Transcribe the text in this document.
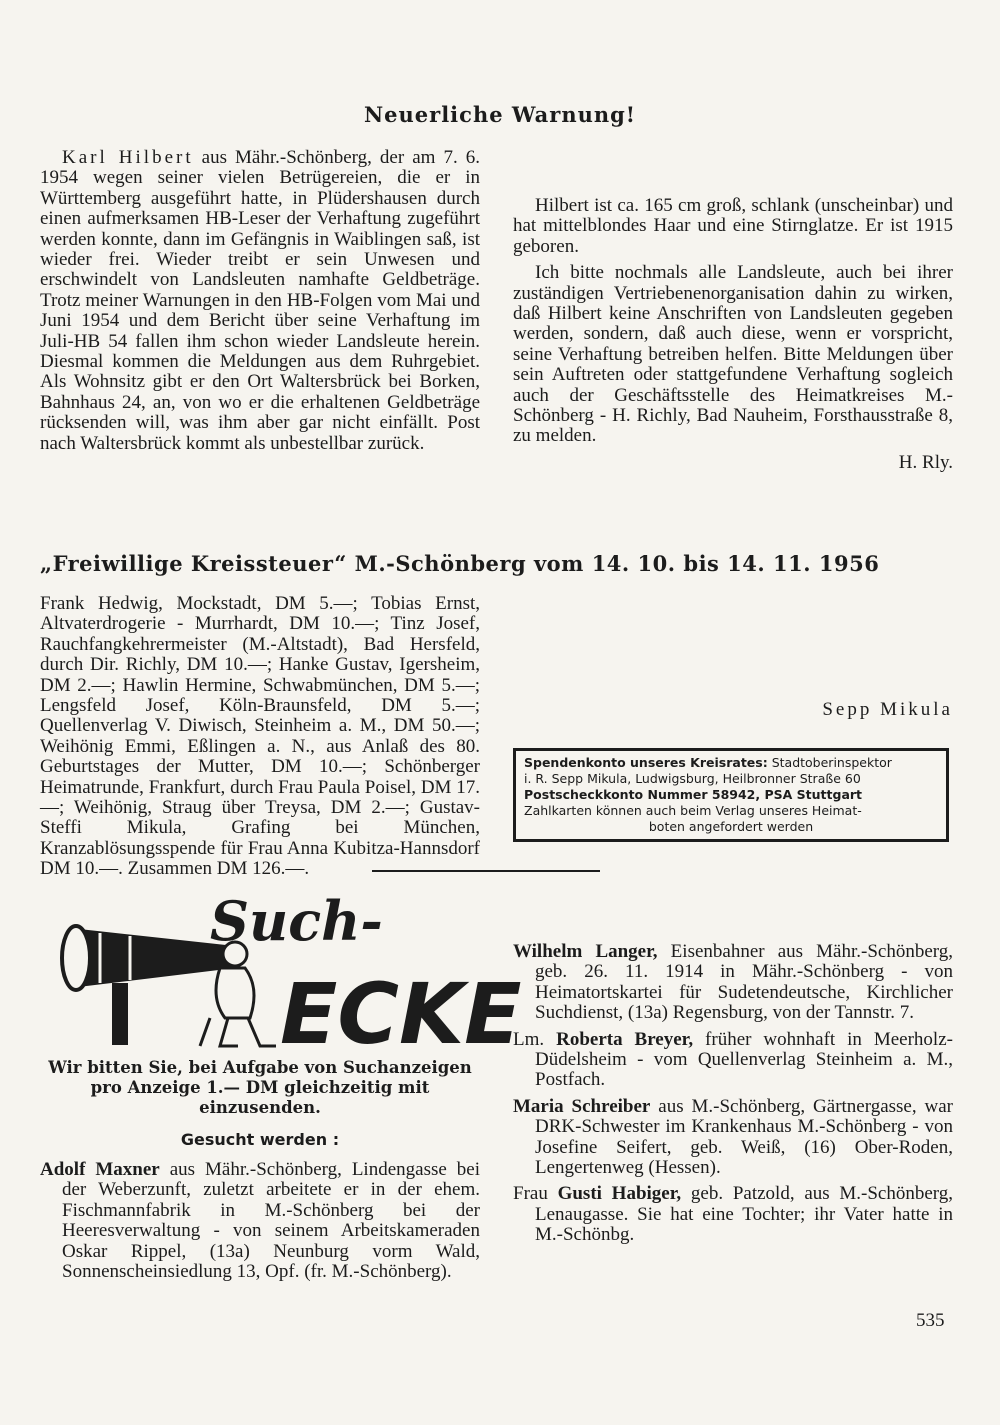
Neuerliche Warnung!

Karl Hilbert aus Mähr.-Schönberg, der am 7. 6. 1954 wegen seiner vielen Betrügereien, die er in Württemberg ausgeführt hatte, in Plüdershausen durch einen aufmerksamen HB-Leser der Verhaftung zugeführt werden konnte, dann im Gefängnis in Waiblingen saß, ist wieder frei. Wieder treibt er sein Unwesen und erschwindelt von Landsleuten namhafte Geldbeträge. Trotz meiner Warnungen in den HB-Folgen vom Mai und Juni 1954 und dem Bericht über seine Verhaftung im Juli-HB 54 fallen ihm schon wieder Landsleute herein. Diesmal kommen die Meldungen aus dem Ruhrgebiet. Als Wohnsitz gibt er den Ort Waltersbrück bei Borken, Bahnhaus 24, an, von wo er die erhaltenen Geldbeträge rücksenden will, was ihm aber gar nicht einfällt. Post nach Waltersbrück kommt als unbestellbar zurück.

Hilbert ist ca. 165 cm groß, schlank (unscheinbar) und hat mittelblondes Haar und eine Stirnglatze. Er ist 1915 geboren.

Ich bitte nochmals alle Landsleute, auch bei ihrer zuständigen Vertriebenenorganisation dahin zu wirken, daß Hilbert keine Anschriften von Landsleuten gegeben werden, sondern, daß auch diese, wenn er vorspricht, seine Verhaftung betreiben helfen. Bitte Meldungen über sein Auftreten oder stattgefundene Verhaftung sogleich auch der Geschäftsstelle des Heimatkreises M.-Schönberg - H. Richly, Bad Nauheim, Forsthausstraße 8, zu melden.

H. Rly.

„Freiwillige Kreissteuer“ M.-Schönberg vom 14. 10. bis 14. 11. 1956

Frank Hedwig, Mockstadt, DM 5.—; Tobias Ernst, Altvaterdrogerie - Murrhardt, DM 10.—; Tinz Josef, Rauchfangkehrermeister (M.-Altstadt), Bad Hersfeld, durch Dir. Richly, DM 10.—; Hanke Gustav, Igersheim, DM 2.—; Hawlin Hermine, Schwabmünchen, DM 5.—; Lengsfeld Josef, Köln-Braunsfeld, DM 5.—; Quellenverlag V. Diwisch, Steinheim a. M., DM 50.—; Weihönig Emmi, Eßlingen a. N., aus Anlaß des 80. Geburtstages der Mutter, DM 10.—; Schönberger Heimatrunde, Frankfurt, durch Frau Paula Poisel, DM 17.—; Weihönig, Straug über Treysa, DM 2.—; Gustav-Steffi Mikula, Grafing bei München, Kranzablösungsspende für Frau Anna Kubitza-Hannsdorf DM 10.—. Zusammen DM 126.—.

Sepp Mikula

Spendenkonto unseres Kreisrates: Stadtoberinspektor
i. R. Sepp Mikula, Ludwigsburg, Heilbronner Straße 60
Postscheckkonto Nummer 58942, PSA Stuttgart
Zahlkarten können auch beim Verlag unseres Heimat-
boten angefordert werden
Such-
ECKE
Wir bitten Sie, bei Aufgabe von Suchanzeigen pro Anzeige 1.— DM gleichzeitig mit einzusenden.
Gesucht werden :

Adolf Maxner aus Mähr.-Schönberg, Lindengasse bei der Weberzunft, zuletzt arbeitete er in der ehem. Fischmannfabrik in M.-Schönberg bei der Heeresverwaltung - von seinem Arbeitskameraden Oskar Rippel, (13a) Neunburg vorm Wald, Sonnenscheinsiedlung 13, Opf. (fr. M.-Schönberg).

Wilhelm Langer, Eisenbahner aus Mähr.-Schönberg, geb. 26. 11. 1914 in Mähr.-Schönberg - von Heimatortskartei für Sudetendeutsche, Kirchlicher Suchdienst, (13a) Regensburg, von der Tannstr. 7.

Lm. Roberta Breyer, früher wohnhaft in Meerholz-Düdelsheim - vom Quellenverlag Steinheim a. M., Postfach.

Maria Schreiber aus M.-Schönberg, Gärtnergasse, war DRK-Schwester im Krankenhaus M.-Schönberg - von Josefine Seifert, geb. Weiß, (16) Ober-Roden, Lengertenweg (Hessen).

Frau Gusti Habiger, geb. Patzold, aus M.-Schönberg, Lenaugasse. Sie hat eine Tochter; ihr Vater hatte in M.-Schönbg.

535
